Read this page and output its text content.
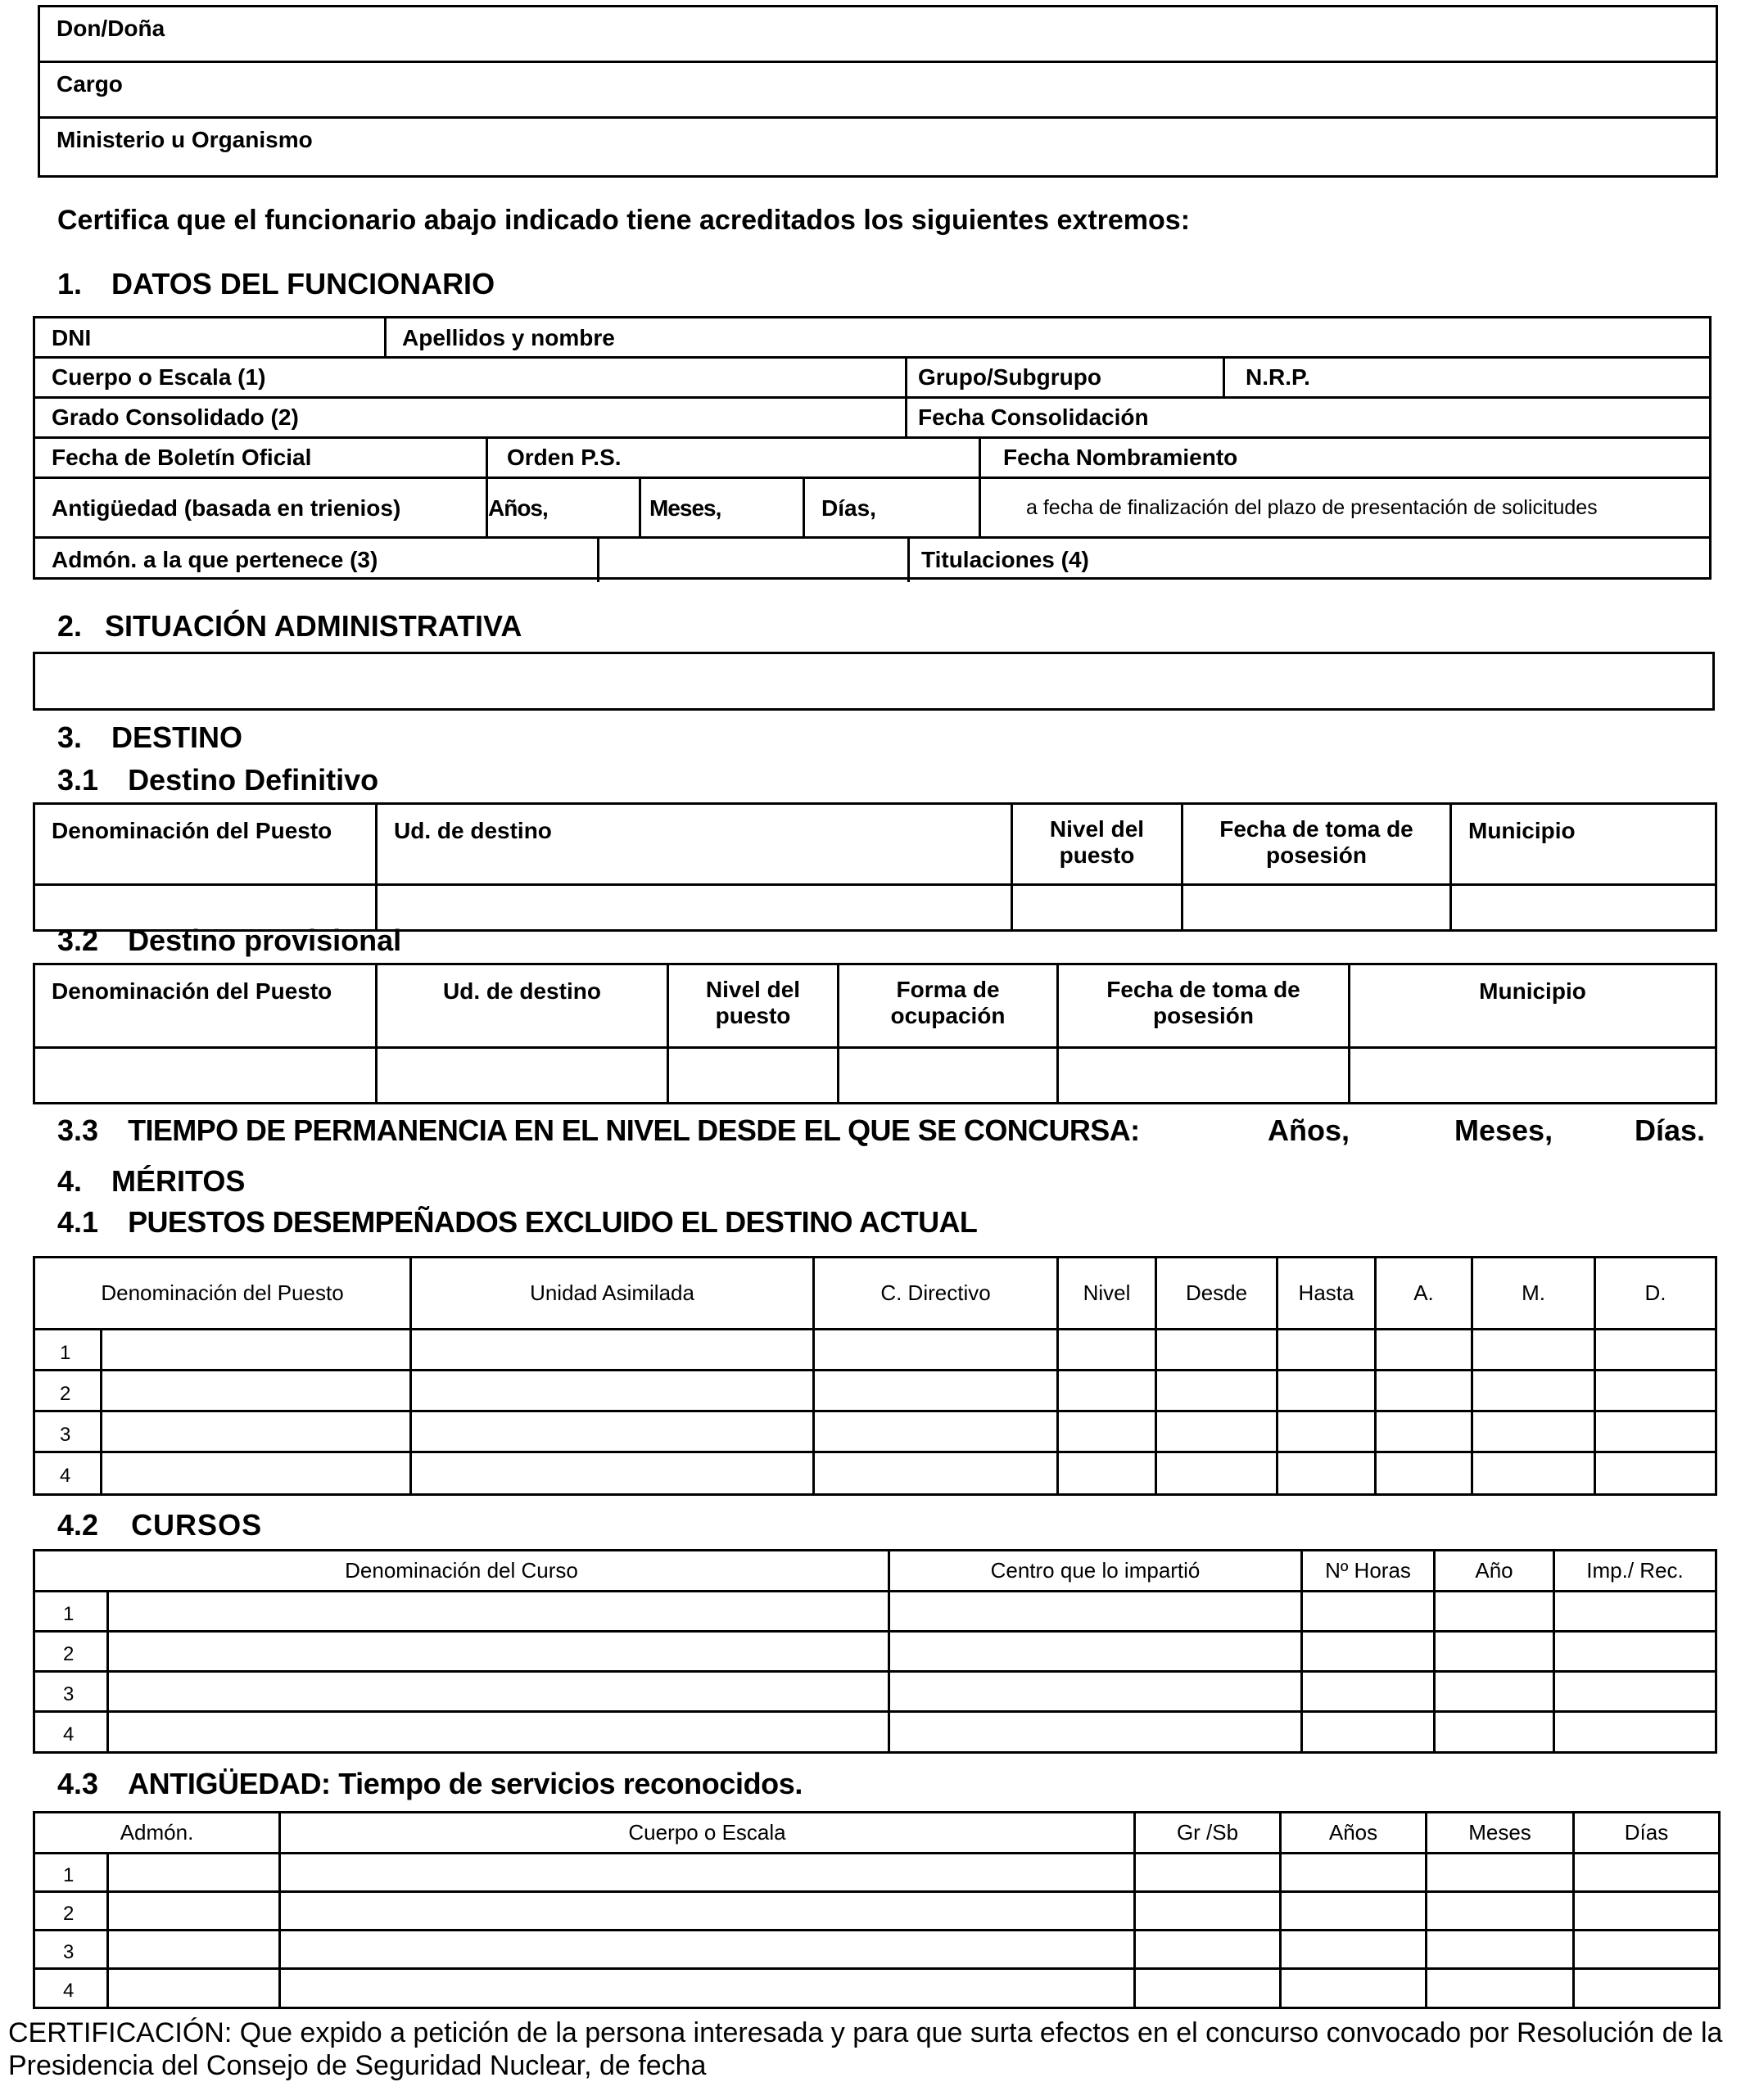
Don/Doña
Cargo
Ministerio u Organismo
Certifica que el funcionario abajo indicado tiene acreditados los siguientes extremos:
1. DATOS DEL FUNCIONARIO
DNI	Apellidos y nombre
Cuerpo o Escala (1)	Grupo/Subgrupo	N.R.P.
Grado Consolidado (2)	Fecha Consolidación
Fecha de Boletín Oficial	Orden P.S.	Fecha Nombramiento
Antigüedad (basada en trienios)	Años,	Meses,	Días,	a fecha de finalización del plazo de presentación de solicitudes
Admón. a la que pertenece (3)	Titulaciones (4)
2. SITUACIÓN ADMINISTRATIVA
3. DESTINO
3.1 Destino Definitivo
Denominación del Puesto	Ud. de destino	Nivel del puesto	Fecha de toma de posesión	Municipio

3.2 Destino provisional
Denominación del Puesto	Ud. de destino	Nivel del puesto	Forma de ocupación	Fecha de toma de posesión	Municipio

3.3 TIEMPO DE PERMANENCIA EN EL NIVEL DESDE EL QUE SE CONCURSA:	Años,	Meses,	Días.
4. MÉRITOS
4.1 PUESTOS DESEMPEÑADOS EXCLUIDO EL DESTINO ACTUAL
Denominación del Puesto		Unidad Asimilada	C. Directivo	Nivel	Desde	Hasta	A.	M.	D.
1									
2									
3									
4									
4.2 CURSOS
Denominación del Curso		Centro que lo impartió	Nº Horas	Año	Imp./ Rec.
1					
2					
3					
4					
4.3 ANTIGÜEDAD: Tiempo de servicios reconocidos.
Admón.		Cuerpo o Escala	Gr /Sb	Años	Meses	Días
1						
2						
3						
4						
CERTIFICACIÓN: Que expido a petición de la persona interesada y para que surta efectos en el concurso convocado por Resolución de la Presidencia del Consejo de Seguridad Nuclear, de fecha
